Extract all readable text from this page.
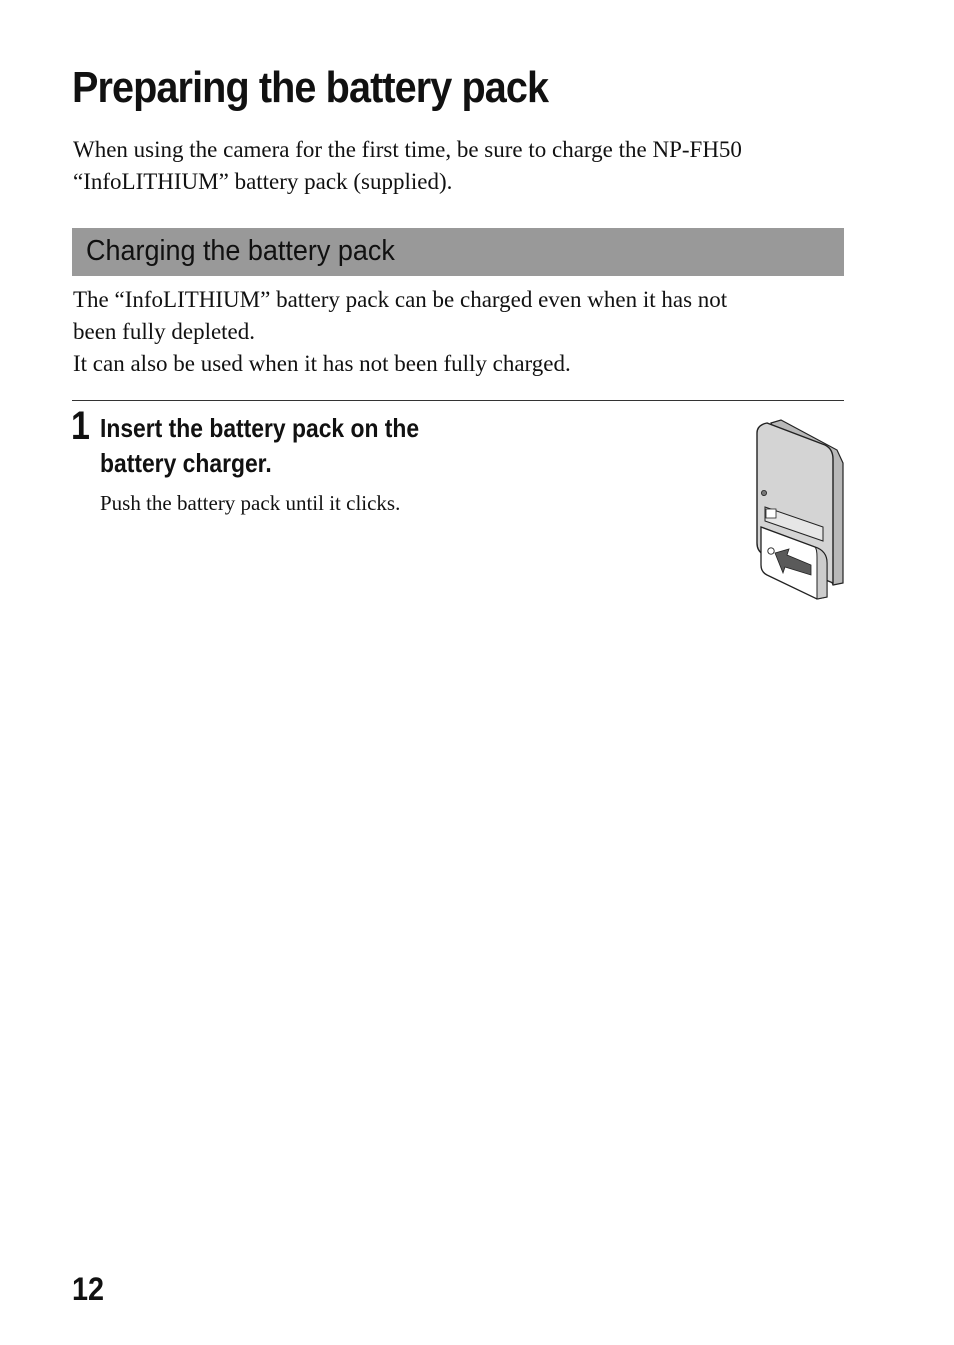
Preparing the battery pack

When using the camera for the first time, be sure to charge the NP-FH50
“InfoLITHIUM” battery pack (supplied).

Charging the battery pack

The “InfoLITHIUM” battery pack can be charged even when it has not
been fully depleted.
It can also be used when it has not been fully charged.

1 Insert the battery pack on the
battery charger.

Push the battery pack until it clicks.

12
